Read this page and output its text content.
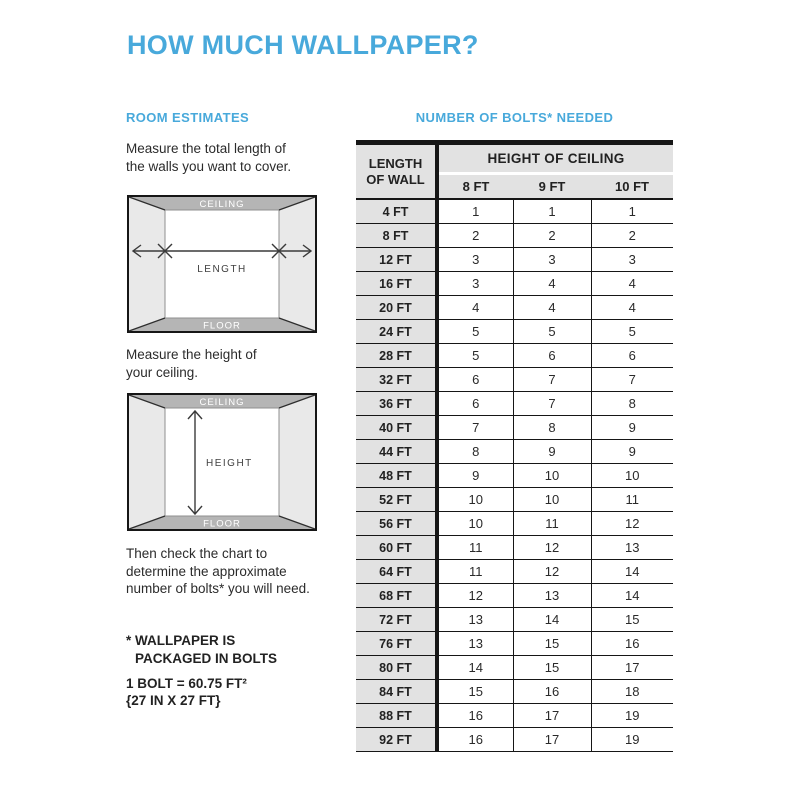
HOW MUCH WALLPAPER?
ROOM ESTIMATES

Measure the total length of
the walls you want to cover.

CEILING
FLOOR
LENGTH

Measure the height of
your ceiling.

CEILING
FLOOR
HEIGHT

Then check the chart to
determine the approximate
number of bolts* you will need.

* WALLPAPER IS
PACKAGED IN BOLTS

1 BOLT = 60.75 FT²
{27 IN X 27 FT}

NUMBER OF BOLTS* NEEDED
LENGTH
OF WALL	HEIGHT OF CEILING		
	8 FT	9 FT	10 FT
4 FT	1	1	1
8 FT	2	2	2
12 FT	3	3	3
16 FT	3	4	4
20 FT	4	4	4
24 FT	5	5	5
28 FT	5	6	6
32 FT	6	7	7
36 FT	6	7	8
40 FT	7	8	9
44 FT	8	9	9
48 FT	9	10	10
52 FT	10	10	11
56 FT	10	11	12
60 FT	11	12	13
64 FT	11	12	14
68 FT	12	13	14
72 FT	13	14	15
76 FT	13	15	16
80 FT	14	15	17
84 FT	15	16	18
88 FT	16	17	19
92 FT	16	17	19
